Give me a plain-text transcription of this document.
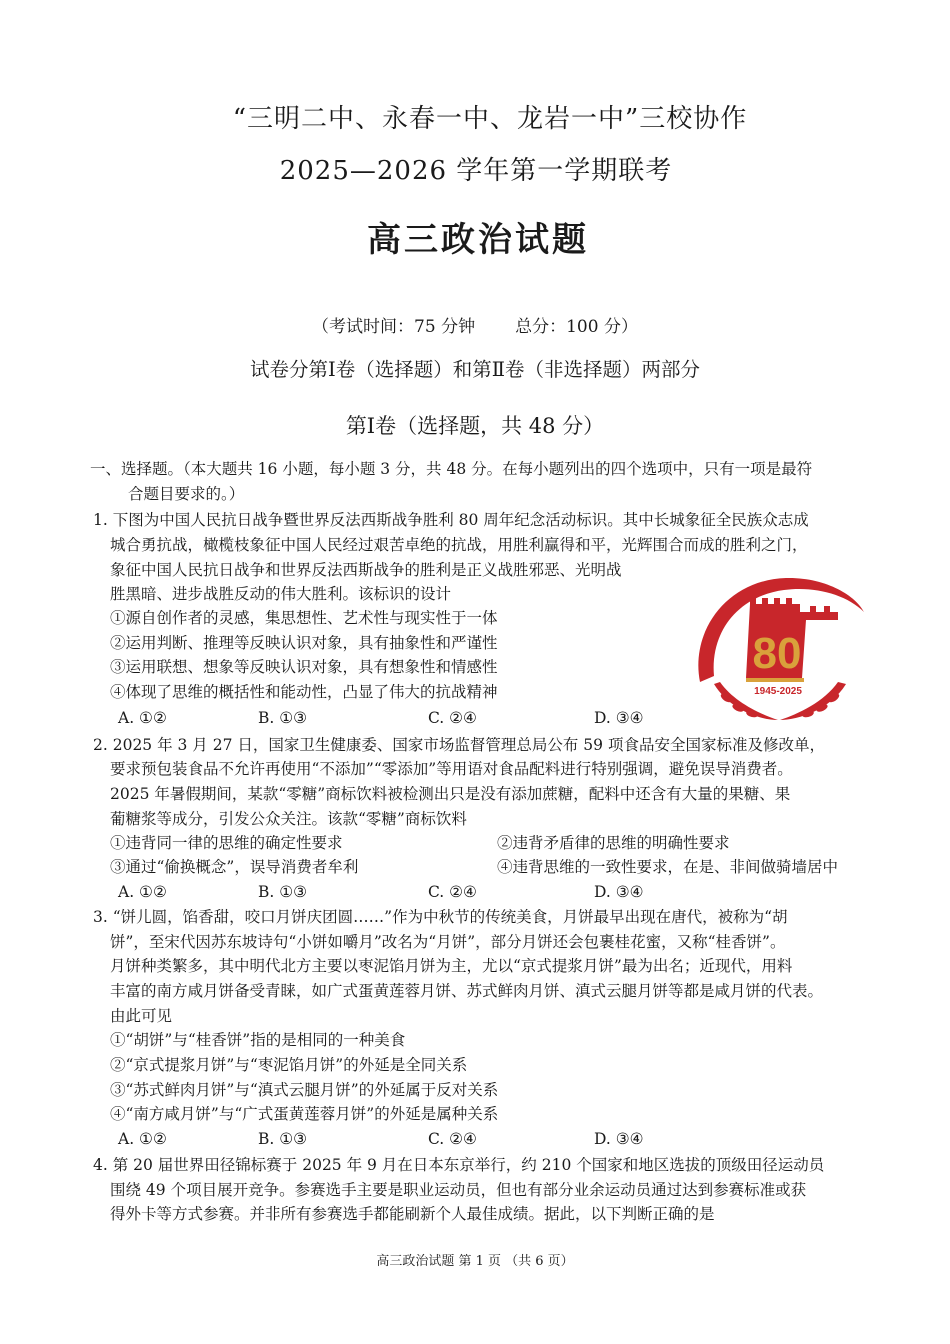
“三明二中、永春一中、龙岩一中”三校协作
2025—2026 学年第一学期联考
高三政治试题
（考试时间：75 分钟 总分：100 分）
试卷分第Ⅰ卷（选择题）和第Ⅱ卷（非选择题）两部分
第Ⅰ卷（选择题，共 48 分）
一、选择题。（本大题共 16 小题，每小题 3 分，共 48 分。在每小题列出的四个选项中，只有一项是最符
合题目要求的。）
1. 下图为中国人民抗日战争暨世界反法西斯战争胜利 80 周年纪念活动标识。其中长城象征全民族众志成
城合勇抗战，橄榄枝象征中国人民经过艰苦卓绝的抗战，用胜利赢得和平，光辉围合而成的胜利之门，
象征中国人民抗日战争和世界反法西斯战争的胜利是正义战胜邪恶、光明战
胜黑暗、进步战胜反动的伟大胜利。该标识的设计
①源自创作者的灵感，集思想性、艺术性与现实性于一体
②运用判断、推理等反映认识对象，具有抽象性和严谨性
③运用联想、想象等反映认识对象，具有想象性和情感性
④体现了思维的概括性和能动性，凸显了伟大的抗战精神
A. ①②	B. ①③	C. ②④	D. ③④
80
1945-2025
2. 2025 年 3 月 27 日，国家卫生健康委、国家市场监督管理总局公布 59 项食品安全国家标准及修改单，
要求预包装食品不允许再使用“不添加”“零添加”等用语对食品配料进行特别强调，避免误导消费者。
2025 年暑假期间，某款“零糖”商标饮料被检测出只是没有添加蔗糖，配料中还含有大量的果糖、果
葡糖浆等成分，引发公众关注。该款“零糖”商标饮料
①违背同一律的思维的确定性要求	②违背矛盾律的思维的明确性要求
③通过“偷换概念”，误导消费者牟利	④违背思维的一致性要求，在是、非间做骑墙居中
A. ①②	B. ①③	C. ②④	D. ③④
3. “饼儿圆，馅香甜，咬口月饼庆团圆……”作为中秋节的传统美食，月饼最早出现在唐代，被称为“胡
饼”，至宋代因苏东坡诗句“小饼如嚼月”改名为“月饼”，部分月饼还会包裹桂花蜜，又称“桂香饼”。
月饼种类繁多，其中明代北方主要以枣泥馅月饼为主，尤以“京式提浆月饼”最为出名；近现代，用料
丰富的南方咸月饼备受青睐，如广式蛋黄莲蓉月饼、苏式鲜肉月饼、滇式云腿月饼等都是咸月饼的代表。
由此可见
①“胡饼”与“桂香饼”指的是相同的一种美食
②“京式提浆月饼”与“枣泥馅月饼”的外延是全同关系
③“苏式鲜肉月饼”与“滇式云腿月饼”的外延属于反对关系
④“南方咸月饼”与“广式蛋黄莲蓉月饼”的外延是属种关系
A. ①②	B. ①③	C. ②④	D. ③④
4. 第 20 届世界田径锦标赛于 2025 年 9 月在日本东京举行，约 210 个国家和地区选拔的顶级田径运动员
围绕 49 个项目展开竞争。参赛选手主要是职业运动员，但也有部分业余运动员通过达到参赛标准或获
得外卡等方式参赛。并非所有参赛选手都能刷新个人最佳成绩。据此，以下判断正确的是
高三政治试题 第 1 页 （共 6 页）
